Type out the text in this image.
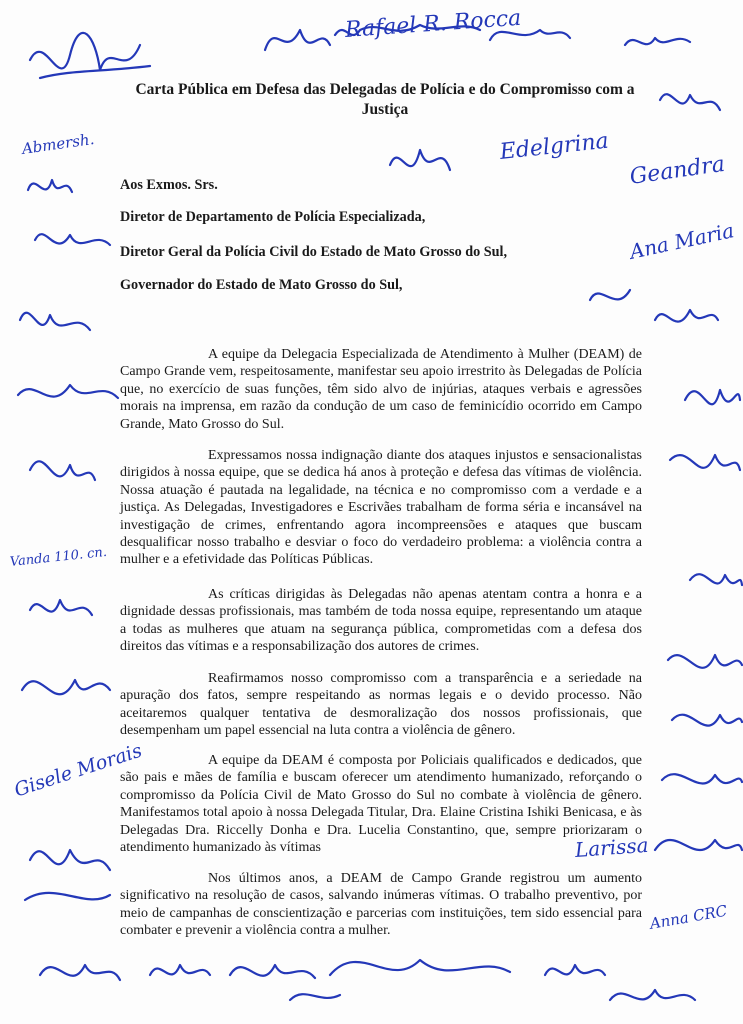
Rafael R. Rocca
Abmersh.	Edelgrina
Geandra
Ana Maria
Larissa
Vanda 110. cn.
Anna CRC
Gisele Morais
Carta Pública em Defesa das Delegadas de Polícia e do Compromisso com a Justiça
Aos Exmos. Srs.
Diretor de Departamento de Polícia Especializada,
Diretor Geral da Polícia Civil do Estado de Mato Grosso do Sul,
Governador do Estado de Mato Grosso do Sul,

A equipe da Delegacia Especializada de Atendimento à Mulher (DEAM) de Campo Grande vem, respeitosamente, manifestar seu apoio irrestrito às Delegadas de Polícia que, no exercício de suas funções, têm sido alvo de injúrias, ataques verbais e agressões morais na imprensa, em razão da condução de um caso de feminicídio ocorrido em Campo Grande, Mato Grosso do Sul.

Expressamos nossa indignação diante dos ataques injustos e sensacionalistas dirigidos à nossa equipe, que se dedica há anos à proteção e defesa das vítimas de violência. Nossa atuação é pautada na legalidade, na técnica e no compromisso com a verdade e a justiça. As Delegadas, Investigadores e Escrivães trabalham de forma séria e incansável na investigação de crimes, enfrentando agora incompreensões e ataques que buscam desqualificar nosso trabalho e desviar o foco do verdadeiro problema: a violência contra a mulher e a efetividade das Políticas Públicas.

As críticas dirigidas às Delegadas não apenas atentam contra a honra e a dignidade dessas profissionais, mas também de toda nossa equipe, representando um ataque a todas as mulheres que atuam na segurança pública, comprometidas com a defesa dos direitos das vítimas e a responsabilização dos autores de crimes.

Reafirmamos nosso compromisso com a transparência e a seriedade na apuração dos fatos, sempre respeitando as normas legais e o devido processo. Não aceitaremos qualquer tentativa de desmoralização dos nossos profissionais, que desempenham um papel essencial na luta contra a violência de gênero.

A equipe da DEAM é composta por Policiais qualificados e dedicados, que são pais e mães de família e buscam oferecer um atendimento humanizado, reforçando o compromisso da Polícia Civil de Mato Grosso do Sul no combate à violência de gênero. Manifestamos total apoio à nossa Delegada Titular, Dra. Elaine Cristina Ishiki Benicasa, e às Delegadas Dra. Riccelly Donha e Dra. Lucelia Constantino, que, sempre priorizaram o atendimento humanizado às vítimas

Nos últimos anos, a DEAM de Campo Grande registrou um aumento significativo na resolução de casos, salvando inúmeras vítimas. O trabalho preventivo, por meio de campanhas de conscientização e parcerias com instituições, tem sido essencial para combater e prevenir a violência contra a mulher.
